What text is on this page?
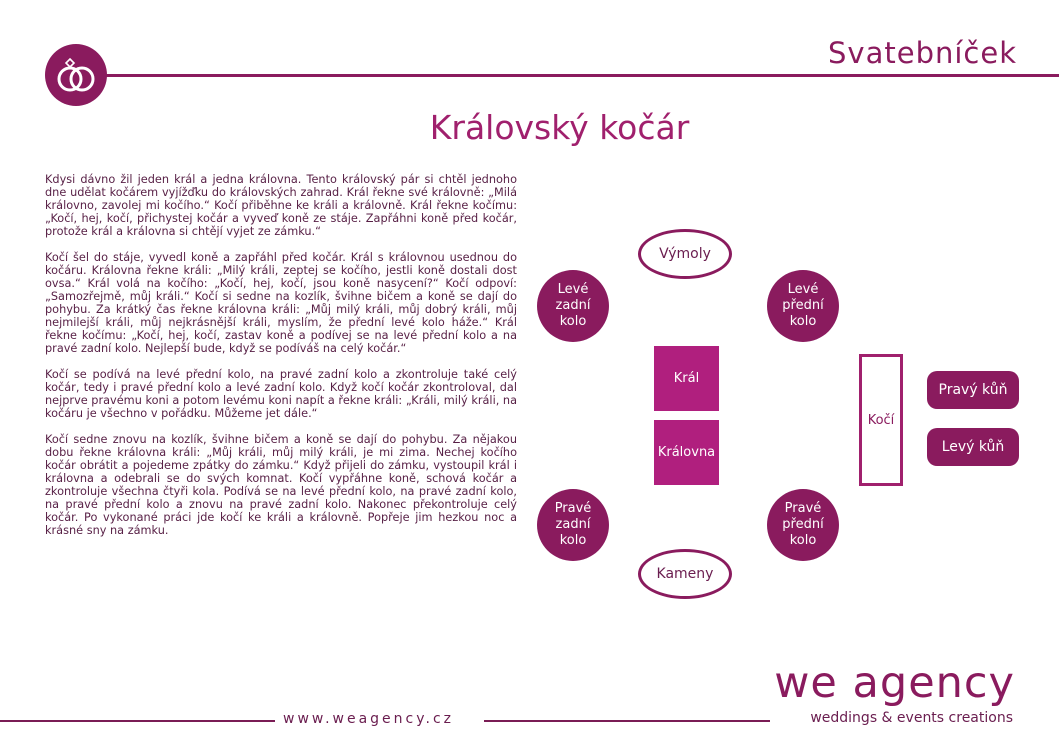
Svatebníček
Královský kočár

Kdysi dávno žil jeden král a jedna královna. Tento královský pár si chtěl jednoho dne udělat kočárem vyjížďku do královských zahrad. Král řekne své královně: „Milá královno, zavolej mi kočího.“ Kočí přiběhne ke králi a královně. Král řekne kočímu: „Kočí, hej, kočí, přichystej kočár a vyveď koně ze stáje. Zapřáhni koně před kočár, protože král a královna si chtějí vyjet ze zámku.“

Kočí šel do stáje, vyvedl koně a zapřáhl před kočár. Král s královnou usednou do kočáru. Královna řekne králi: „Milý králi, zeptej se kočího, jestli koně dostali dost ovsa.“ Král volá na kočího: „Kočí, hej, kočí, jsou koně nasycení?“ Kočí odpoví: „Samozřejmě, můj králi.“ Kočí si sedne na kozlík, švihne bičem a koně se dají do pohybu. Za krátký čas řekne královna králi: „Můj milý králi, můj dobrý králi, můj nejmilejší králi, můj nejkrásnější králi, myslím, že přední levé kolo háže.“ Král řekne kočímu: „Kočí, hej, kočí, zastav koně a podívej se na levé přední kolo a na pravé zadní kolo. Nejlepší bude, když se podíváš na celý kočár.“

Kočí se podívá na levé přední kolo, na pravé zadní kolo a zkontroluje také celý kočár, tedy i pravé přední kolo a levé zadní kolo. Když kočí kočár zkontroloval, dal nejprve pravému koni a potom levému koni napít a řekne králi: „Králi, milý králi, na kočáru je všechno v pořádku. Můžeme jet dále.“

Kočí sedne znovu na kozlík, švihne bičem a koně se dají do pohybu. Za nějakou dobu řekne královna králi: „Můj králi, můj milý králi, je mi zima. Nechej kočího kočár obrátit a pojedeme zpátky do zámku.“ Když přijeli do zámku, vystoupil král i královna a odebrali se do svých komnat. Kočí vypřáhne koně, schová kočár a zkontroluje všechna čtyři kola. Podívá se na levé přední kolo, na pravé zadní kolo, na pravé přední kolo a znovu na pravé zadní kolo. Nakonec překontroluje celý kočár. Po vykonané práci jde kočí ke králi a královně. Popřeje jim hezkou noc a krásné sny na zámku.

Výmoly
Kameny
Levé
zadní
kolo
Levé
přední
kolo
Pravé
zadní
kolo
Pravé
přední
kolo
Král
Královna
Kočí
Pravý kůň
Levý kůň
www.weagency.cz
we agency
weddings & events creations
